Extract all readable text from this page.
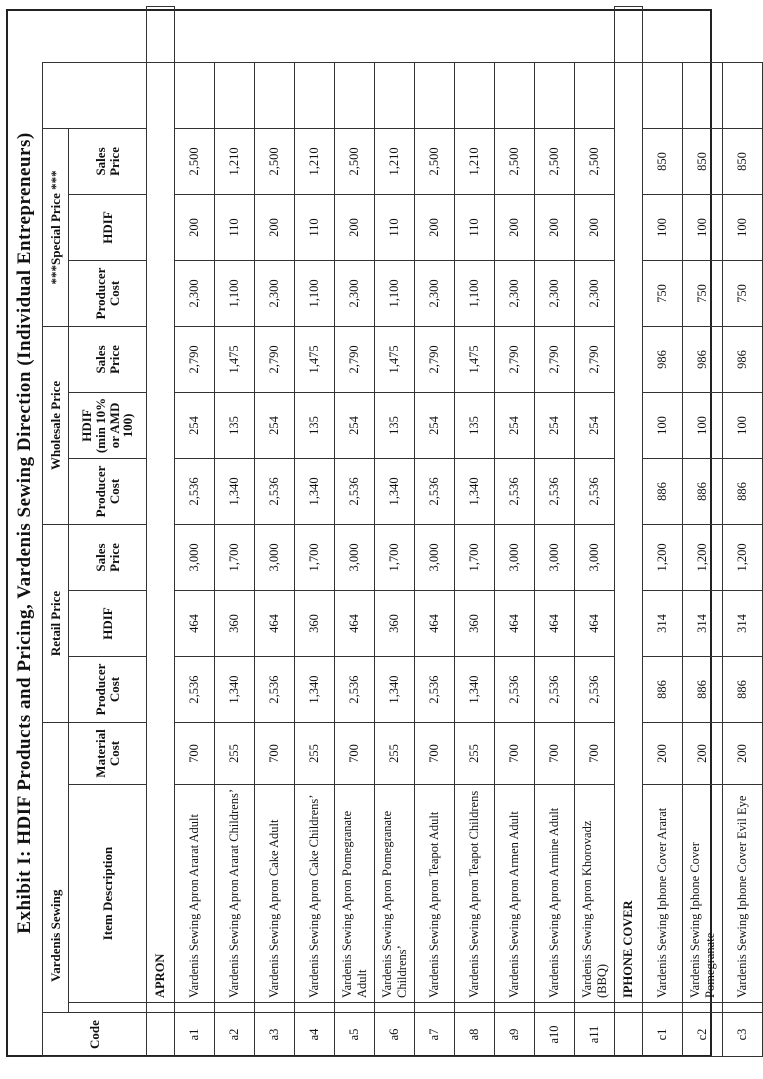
Exhibit I: HDIF Products and Pricing, Vardenis Sewing Direction (Individual Entrepreneurs)
Code	Vardenis Sewing			Retail Price			Wholesale Price			***Special Price ***				
		Item Description	Material Cost	Producer Cost	HDIF	Sales Price	Producer Cost	HDIF (min 10% or AMD 100)	Sales Price	Producer Cost	HDIF	Sales Price		
		APRON												
a1		Vardenis Sewing Apron Ararat Adult	700	2,536	464	3,000	2,536	254	2,790	2,300	200	2,500		
a2		Vardenis Sewing Apron Ararat Childrens’	255	1,340	360	1,700	1,340	135	1,475	1,100	110	1,210		
a3		Vardenis Sewing Apron Cake Adult	700	2,536	464	3,000	2,536	254	2,790	2,300	200	2,500		
a4		Vardenis Sewing Apron Cake Childrens’	255	1,340	360	1,700	1,340	135	1,475	1,100	110	1,210		
a5		Vardenis Sewing Apron Pomegranate Adult	700	2,536	464	3,000	2,536	254	2,790	2,300	200	2,500		
a6		Vardenis Sewing Apron Pomegranate Childrens’	255	1,340	360	1,700	1,340	135	1,475	1,100	110	1,210		
a7		Vardenis Sewing Apron Teapot Adult	700	2,536	464	3,000	2,536	254	2,790	2,300	200	2,500		
a8		Vardenis Sewing Apron Teapot Childrens	255	1,340	360	1,700	1,340	135	1,475	1,100	110	1,210		
a9		Vardenis Sewing Apron Armen Adult	700	2,536	464	3,000	2,536	254	2,790	2,300	200	2,500		
a10		Vardenis Sewing Apron Armine Adult	700	2,536	464	3,000	2,536	254	2,790	2,300	200	2,500		
a11		Vardenis Sewing Apron Khorovadz (BBQ)	700	2,536	464	3,000	2,536	254	2,790	2,300	200	2,500		
		IPHONE COVER												
c1		Vardenis Sewing Iphone Cover Ararat	200	886	314	1,200	886	100	986	750	100	850		
c2		Vardenis Sewing Iphone Cover Pomegranate	200	886	314	1,200	886	100	986	750	100	850		
c3		Vardenis Sewing Iphone Cover Evil Eye	200	886	314	1,200	886	100	986	750	100	850		
